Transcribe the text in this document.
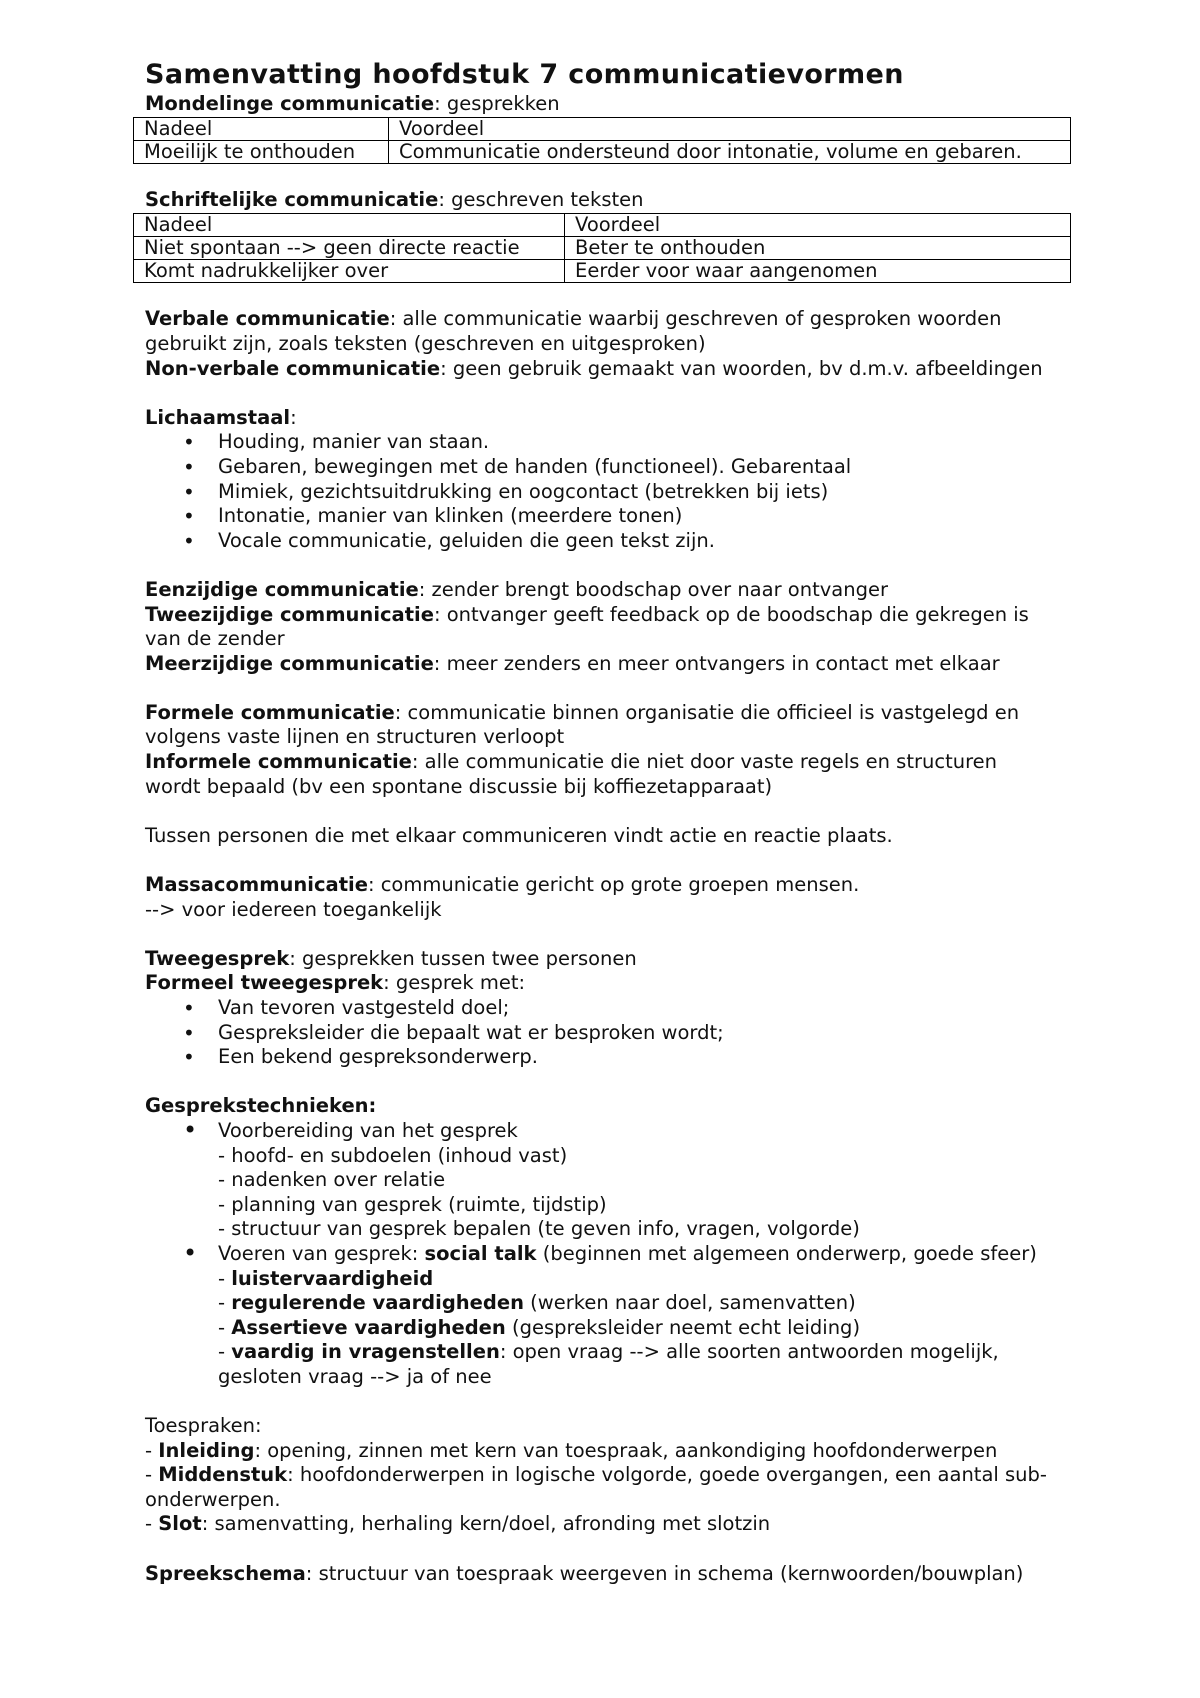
Samenvatting hoofdstuk 7 communicatievormen

Mondelinge communicatie: gesprekken

Nadeel	Voordeel
Moeilijk te onthouden	Communicatie ondersteund door intonatie, volume en gebaren.

Schriftelijke communicatie: geschreven teksten

Nadeel	Voordeel
Niet spontaan --> geen directe reactie	Beter te onthouden
Komt nadrukkelijker over	Eerder voor waar aangenomen

Verbale communicatie: alle communicatie waarbij geschreven of gesproken woorden
gebruikt zijn, zoals teksten (geschreven en uitgesproken)

Non-verbale communicatie: geen gebruik gemaakt van woorden, bv d.m.v. afbeeldingen

Lichaamstaal:

• Houding, manier van staan.
• Gebaren, bewegingen met de handen (functioneel). Gebarentaal
• Mimiek, gezichtsuitdrukking en oogcontact (betrekken bij iets)
• Intonatie, manier van klinken (meerdere tonen)
• Vocale communicatie, geluiden die geen tekst zijn.

Eenzijdige communicatie: zender brengt boodschap over naar ontvanger

Tweezijdige communicatie: ontvanger geeft feedback op de boodschap die gekregen is
van de zender

Meerzijdige communicatie: meer zenders en meer ontvangers in contact met elkaar

Formele communicatie: communicatie binnen organisatie die officieel is vastgelegd en
volgens vaste lijnen en structuren verloopt

Informele communicatie: alle communicatie die niet door vaste regels en structuren
wordt bepaald (bv een spontane discussie bij koffiezetapparaat)

Tussen personen die met elkaar communiceren vindt actie en reactie plaats.

Massacommunicatie: communicatie gericht op grote groepen mensen.
--> voor iedereen toegankelijk

Tweegesprek: gesprekken tussen twee personen

Formeel tweegesprek: gesprek met:

• Van tevoren vastgesteld doel;
• Gespreksleider die bepaalt wat er besproken wordt;
• Een bekend gespreksonderwerp.

Gesprekstechnieken:

• Voorbereiding van het gesprek
- hoofd- en subdoelen (inhoud vast)
- nadenken over relatie
- planning van gesprek (ruimte, tijdstip)
- structuur van gesprek bepalen (te geven info, vragen, volgorde)
• Voeren van gesprek: social talk (beginnen met algemeen onderwerp, goede sfeer)
- luistervaardigheid
- regulerende vaardigheden (werken naar doel, samenvatten)
- Assertieve vaardigheden (gespreksleider neemt echt leiding)
- vaardig in vragenstellen: open vraag --> alle soorten antwoorden mogelijk,
gesloten vraag --> ja of nee

Toespraken:

- Inleiding: opening, zinnen met kern van toespraak, aankondiging hoofdonderwerpen

- Middenstuk: hoofdonderwerpen in logische volgorde, goede overgangen, een aantal sub-
onderwerpen.

- Slot: samenvatting, herhaling kern/doel, afronding met slotzin

Spreekschema: structuur van toespraak weergeven in schema (kernwoorden/bouwplan)
